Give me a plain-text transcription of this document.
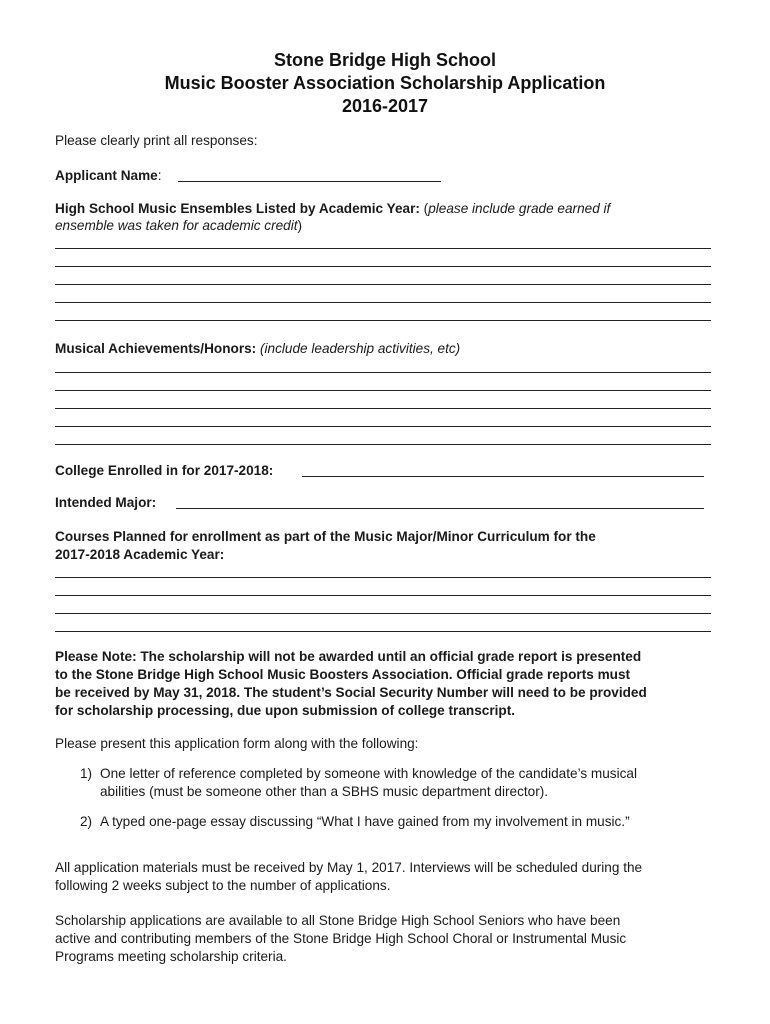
Stone Bridge High School
Music Booster Association Scholarship Application
2016-2017
Please clearly print all responses:
Applicant Name:
High School Music Ensembles Listed by Academic Year: (please include grade earned if
ensemble was taken for academic credit)
Musical Achievements/Honors: (include leadership activities, etc)
College Enrolled in for 2017-2018:
Intended Major:
Courses Planned for enrollment as part of the Music Major/Minor Curriculum for the
2017-2018 Academic Year:
Please Note: The scholarship will not be awarded until an official grade report is presented
to the Stone Bridge High School Music Boosters Association. Official grade reports must
be received by May 31, 2018. The student’s Social Security Number will need to be provided
for scholarship processing, due upon submission of college transcript.
Please present this application form along with the following:
1) One letter of reference completed by someone with knowledge of the candidate’s musical
abilities (must be someone other than a SBHS music department director).
2) A typed one-page essay discussing “What I have gained from my involvement in music.”
All application materials must be received by May 1, 2017. Interviews will be scheduled during the
following 2 weeks subject to the number of applications.
Scholarship applications are available to all Stone Bridge High School Seniors who have been
active and contributing members of the Stone Bridge High School Choral or Instrumental Music
Programs meeting scholarship criteria.
